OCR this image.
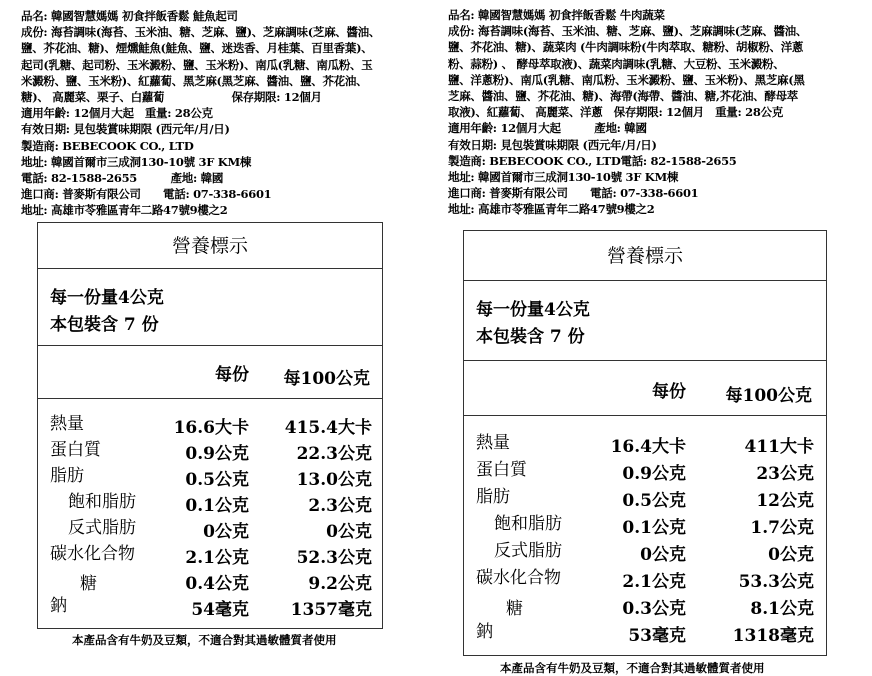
品名: 韓國智慧媽媽 初食拌飯香鬆 鮭魚起司
成份: 海苔調味(海苔、玉米油、糖、芝麻、鹽)、芝麻調味(芝麻、醬油、
鹽、芥花油、糖)、煙燻鮭魚(鮭魚、鹽、迷迭香、月桂葉、百里香葉)、
起司(乳糖、起司粉、玉米澱粉、鹽、玉米粉)、南瓜(乳糖、南瓜粉、玉
米澱粉、鹽、玉米粉)、紅蘿蔔、黑芝麻(黑芝麻、醬油、鹽、芥花油、
糖)、 高麗菜、栗子、白蘿蔔　　　　　　保存期限: 12個月
適用年齡: 12個月大起　重量: 28公克
有效日期: 見包裝賞味期限 (西元年/月/日)
製造商: BEBECOOK CO., LTD
地址: 韓國首爾市三成洞130-10號 3F KM棟
電話: 82-1588-2655　　　產地: 韓國
進口商: 普麥斯有限公司　　電話: 07-338-6601
地址: 高雄市苓雅區青年二路47號9樓之2
營養標示
每一份量4公克
本包裝含 7 份
每份 每100公克
熱量	16.6大卡 415.4大卡
蛋白質	0.9公克	22.3公克
脂肪	0.5公克	13.0公克
飽和脂肪	0.1公克	2.3公克
反式脂肪	0公克	0公克
碳水化合物	2.1公克	52.3公克
糖	0.4公克	9.2公克
鈉	54毫克 1357毫克
本產品含有牛奶及豆類，不適合對其過敏體質者使用
品名: 韓國智慧媽媽 初食拌飯香鬆 牛肉蔬菜
成份: 海苔調味(海苔、玉米油、糖、芝麻、鹽)、芝麻調味(芝麻、醬油、
鹽、芥花油、糖)、蔬菜肉 (牛肉調味粉(牛肉萃取、糖粉、胡椒粉、洋蔥
粉、蒜粉) 、 酵母萃取液)、蔬菜肉調味(乳糖、大豆粉、玉米澱粉、
鹽、洋蔥粉)、南瓜(乳糖、南瓜粉、玉米澱粉、鹽、玉米粉)、黑芝麻(黑
芝麻、醬油、鹽、芥花油、糖)、海帶(海帶、醬油、糖,芥花油、酵母萃
取液)、紅蘿蔔、 高麗菜、洋蔥　保存期限: 12個月　重量: 28公克
適用年齡: 12個月大起　　　產地: 韓國
有效日期: 見包裝賞味期限 (西元年/月/日)
製造商: BEBECOOK CO., LTD電話: 82-1588-2655
地址: 韓國首爾市三成洞130-10號 3F KM棟
進口商: 普麥斯有限公司　　電話: 07-338-6601
地址: 高雄市苓雅區青年二路47號9樓之2
營養標示
每一份量4公克
本包裝含 7 份
每份 每100公克
熱量	16.4大卡	411大卡
蛋白質	0.9公克	23公克
脂肪	0.5公克	12公克
飽和脂肪	0.1公克	1.7公克
反式脂肪	0公克	0公克
碳水化合物	2.1公克	53.3公克
糖	0.3公克	8.1公克
鈉	53毫克	1318毫克
本產品含有牛奶及豆類，不適合對其過敏體質者使用
